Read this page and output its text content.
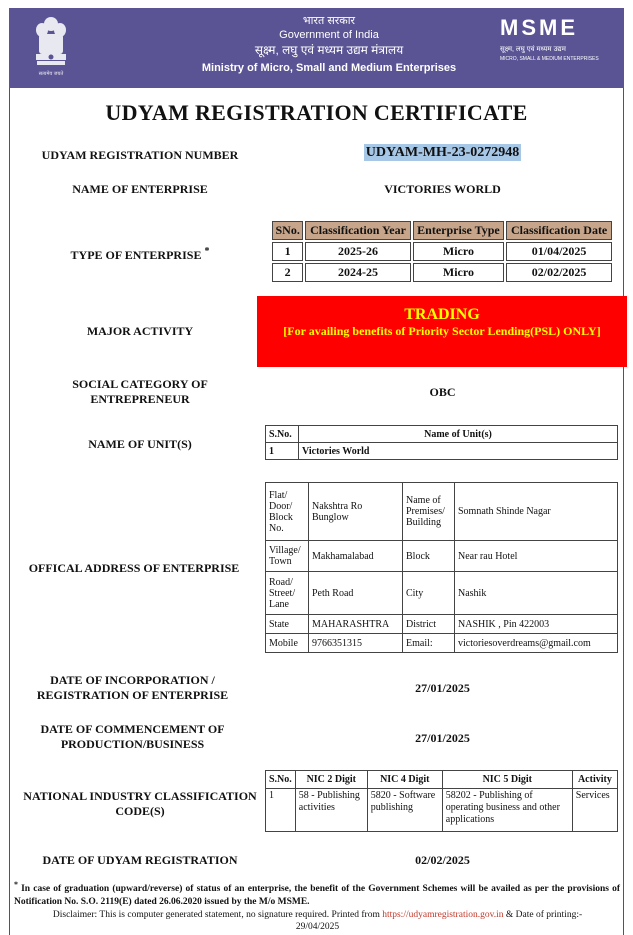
सत्यमेव जयते
भारत सरकार
Government of India
सूक्ष्म, लघु एवं मध्यम उद्यम मंत्रालय
Ministry of Micro, Small and Medium Enterprises
MSME
सूक्ष्म, लघु एवं मध्यम उद्यम
MICRO, SMALL & MEDIUM ENTERPRISES
UDYAM REGISTRATION CERTIFICATE
UDYAM REGISTRATION NUMBER	UDYAM-MH-23-0272948
NAME OF ENTERPRISE	VICTORIES WORLD
TYPE OF ENTERPRISE *
SNo.	Classification Year	Enterprise Type	Classification Date
1	2025-26	Micro	01/04/2025
2	2024-25	Micro	02/02/2025
MAJOR ACTIVITY
TRADING
[For availing benefits of Priority Sector Lending(PSL) ONLY]
SOCIAL CATEGORY OF ENTREPRENEUR	OBC
NAME OF UNIT(S)
S.No.	Name of Unit(s)
1	Victories World
OFFICAL ADDRESS OF ENTERPRISE
Flat/ Door/ Block No.	Nakshtra Ro Bunglow	Name of Premises/ Building	Somnath Shinde Nagar
Village/ Town	Makhamalabad	Block	Near rau Hotel
Road/ Street/ Lane	Peth Road	City	Nashik
State	MAHARASHTRA	District	NASHIK , Pin 422003
Mobile	9766351315	Email:	victoriesoverdreams@gmail.com
DATE OF INCORPORATION / REGISTRATION OF ENTERPRISE	27/01/2025
DATE OF COMMENCEMENT OF PRODUCTION/BUSINESS	27/01/2025
NATIONAL INDUSTRY CLASSIFICATION CODE(S)
S.No.	NIC 2 Digit	NIC 4 Digit	NIC 5 Digit	Activity
1	58 - Publishing activities	5820 - Software publishing	58202 - Publishing of operating business and other applications	Services
DATE OF UDYAM REGISTRATION	02/02/2025
* In case of graduation (upward/reverse) of status of an enterprise, the benefit of the Government Schemes will be availed as per the provisions of Notification No. S.O. 2119(E) dated 26.06.2020 issued by the M/o MSME.
Disclaimer: This is computer generated statement, no signature required. Printed from https://udyamregistration.gov.in & Date of printing:-
29/04/2025
